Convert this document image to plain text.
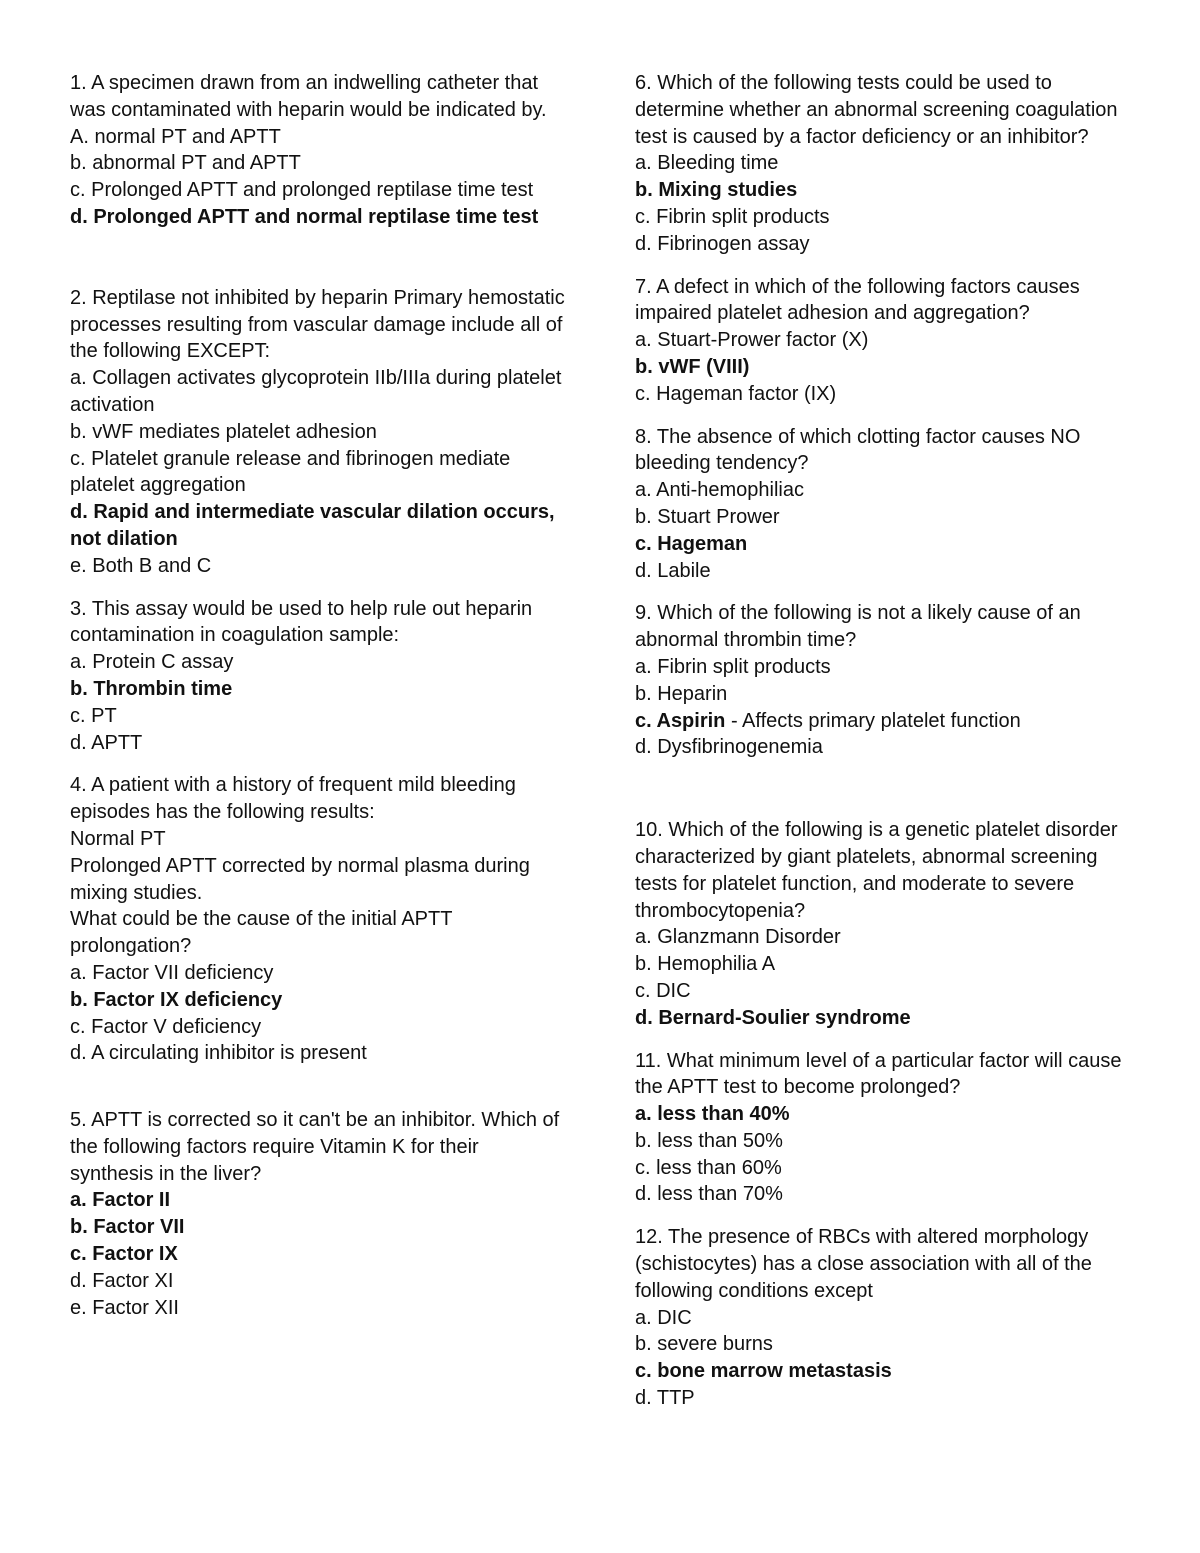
1. A specimen drawn from an indwelling catheter that was contaminated with heparin would be indicated by.

A. normal PT and APTT

b. abnormal PT and APTT

c. Prolonged APTT and prolonged reptilase time test

d. Prolonged APTT and normal reptilase time test

2. Reptilase not inhibited by heparin Primary hemostatic processes resulting from vascular damage include all of the following EXCEPT:

a. Collagen activates glycoprotein IIb/IIIa during platelet activation

b. vWF mediates platelet adhesion

c. Platelet granule release and fibrinogen mediate platelet aggregation

d. Rapid and intermediate vascular dilation occurs, not dilation

e. Both B and C

3. This assay would be used to help rule out heparin contamination in coagulation sample:

a. Protein C assay

b. Thrombin time

c. PT

d. APTT

4. A patient with a history of frequent mild bleeding episodes has the following results:

Normal PT

Prolonged APTT corrected by normal plasma during mixing studies.

What could be the cause of the initial APTT prolongation?

a. Factor VII deficiency

b. Factor IX deficiency

c. Factor V deficiency

d. A circulating inhibitor is present

5. APTT is corrected so it can't be an inhibitor. Which of the following factors require Vitamin K for their synthesis in the liver?

a. Factor II

b. Factor VII

c. Factor IX

d. Factor XI

e. Factor XII

6. Which of the following tests could be used to determine whether an abnormal screening coagulation test is caused by a factor deficiency or an inhibitor?

a. Bleeding time

b. Mixing studies

c. Fibrin split products

d. Fibrinogen assay

7. A defect in which of the following factors causes impaired platelet adhesion and aggregation?

a. Stuart-Prower factor (X)

b. vWF (VIII)

c. Hageman factor (IX)

8. The absence of which clotting factor causes NO bleeding tendency?

a. Anti-hemophiliac

b. Stuart Prower

c. Hageman

d. Labile

9. Which of the following is not a likely cause of an abnormal thrombin time?

a. Fibrin split products

b. Heparin

c. Aspirin - Affects primary platelet function

d. Dysfibrinogenemia

10. Which of the following is a genetic platelet disorder characterized by giant platelets, abnormal screening tests for platelet function, and moderate to severe thrombocytopenia?

a. Glanzmann Disorder

b. Hemophilia A

c. DIC

d. Bernard-Soulier syndrome

11. What minimum level of a particular factor will cause the APTT test to become prolonged?

a. less than 40%

b. less than 50%

c. less than 60%

d. less than 70%

12. The presence of RBCs with altered morphology (schistocytes) has a close association with all of the following conditions except

a. DIC

b. severe burns

c. bone marrow metastasis

d. TTP
